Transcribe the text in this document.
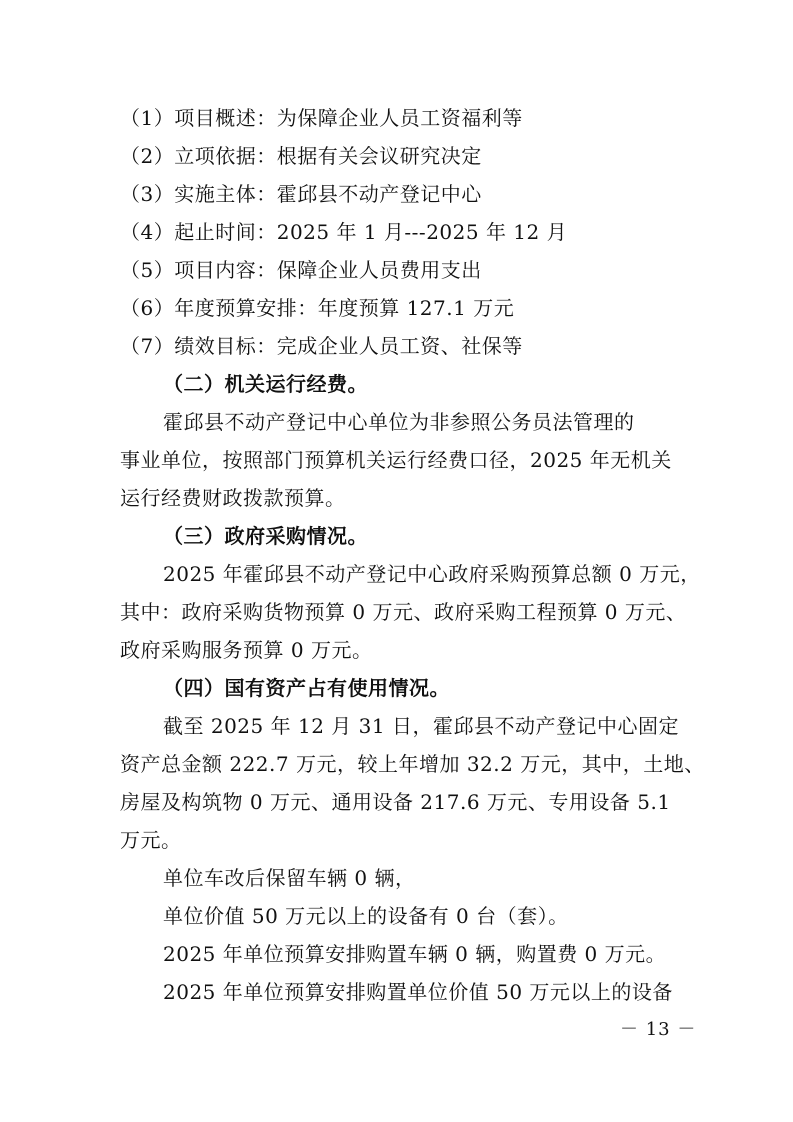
（1）项目概述：为保障企业人员工资福利等
（2）立项依据：根据有关会议研究决定
（3）实施主体：霍邱县不动产登记中心
（4）起止时间：2025 年 1 月---2025 年 12 月
（5）项目内容：保障企业人员费用支出
（6）年度预算安排：年度预算 127.1 万元
（7）绩效目标：完成企业人员工资、社保等
（二）机关运行经费。
霍邱县不动产登记中心单位为非参照公务员法管理的
事业单位，按照部门预算机关运行经费口径，2025 年无机关
运行经费财政拨款预算。
（三）政府采购情况。
2025 年霍邱县不动产登记中心政府采购预算总额 0 万元，
其中：政府采购货物预算 0 万元、政府采购工程预算 0 万元、
政府采购服务预算 0 万元。
（四）国有资产占有使用情况。
截至 2025 年 12 月 31 日，霍邱县不动产登记中心固定
资产总金额 222.7 万元，较上年增加 32.2 万元，其中，土地、
房屋及构筑物 0 万元、通用设备 217.6 万元、专用设备 5.1
万元。
单位车改后保留车辆 0 辆，
单位价值 50 万元以上的设备有 0 台（套）。
2025 年单位预算安排购置车辆 0 辆，购置费 0 万元。
2025 年单位预算安排购置单位价值 50 万元以上的设备
－ 13 －
